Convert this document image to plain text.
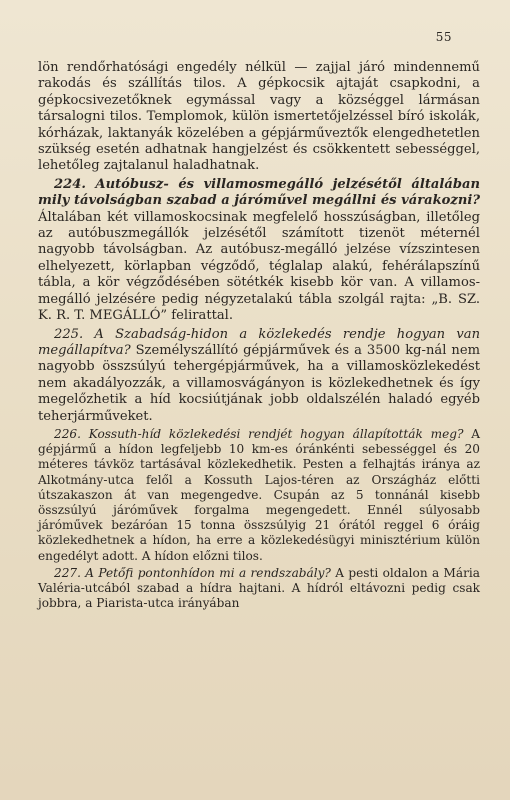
55

lön rendőrhatósági engedély nélkül — zajjal járó mindennemű rakodás és szállítás tilos. A gépkocsik ajtaját csapkodni, a gépkocsivezetőknek egymással vagy a községgel lármásan társalogni tilos. Templomok, külön ismertetőjelzéssel bíró iskolák, kórházak, laktanyák közelében a gépjárműveztők elengedhetetlen szükség esetén adhatnak hangjelzést és csökkentett sebességgel, lehetőleg zajtalanul haladhatnak.

224. Autóbusz- és villamosmegálló jelzésétől általában mily távolságban szabad a járóművel megállni és várakozni? Általában két villamoskocsinak megfelelő hosszúságban, illetőleg az autóbuszmegállók jelzésétől számított tizenöt méternél nagyobb távolságban. Az autóbusz-megálló jelzése vízszintesen elhelyezett, körlapban végződő, téglalap alakú, fehérálapszínű tábla, a kör végződésében sötétkék kisebb kör van. A villamos-megálló jelzésére pedig négyzetalakú tábla szolgál rajta: „B. SZ. K. R. T. MEGÁLLÓ” felirattal.

225. A Szabadság-hidon a közlekedés rendje hogyan van megállapítva? Személyszállító gépjárművek és a 3500 kg-nál nem nagyobb összsúlyú tehergépjárművek, ha a villamosközlekedést nem akadályozzák, a villamosvágányon is közlekedhetnek és így megelőzhetik a híd kocsiútjának jobb oldalszélén haladó egyéb teherjárműveket.

226. Kossuth-híd közlekedési rendjét hogyan állapították meg? A gépjármű a hídon legfeljebb 10 km-es óránkénti sebességgel és 20 méteres távköz tartásával közlekedhetik. Pesten a felhajtás iránya az Alkotmány-utca felől a Kossuth Lajos-téren az Országház előtti útszakaszon át van megengedve. Csupán az 5 tonnánál kisebb összsúlyú járóművek forgalma megengedett. Ennél súlyosabb járóművek bezáróan 15 tonna összsúlyig 21 órától reggel 6 óráig közlekedhetnek a hídon, ha erre a közlekedésügyi minisztérium külön engedélyt adott. A hídon előzni tilos.

227. A Petőfi pontonhídon mi a rendszabály? A pesti oldalon a Mária Valéria-utcából szabad a hídra hajtani. A hídról eltávozni pedig csak jobbra, a Piarista-utca irányában
